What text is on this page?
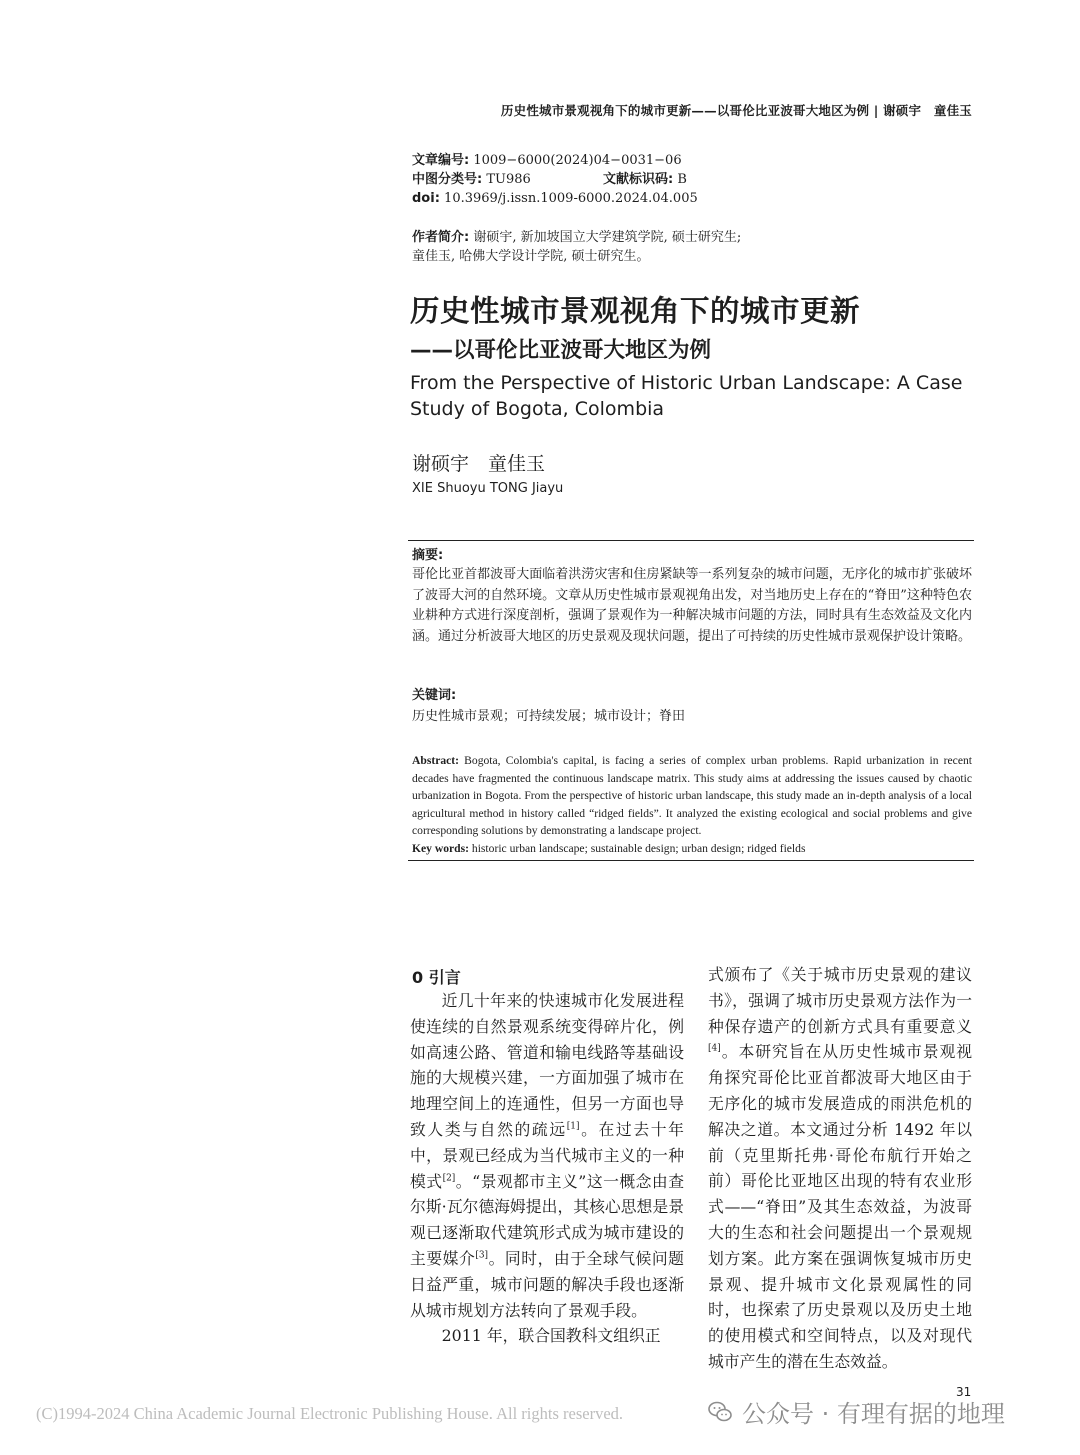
历史性城市景观视角下的城市更新——以哥伦比亚波哥大地区为例 | 谢硕宇　童佳玉
文章编号: 1009−6000(2024)04−0031−06
中图分类号: TU986	文献标识码: B
doi: 10.3969/j.issn.1009-6000.2024.04.005
作者简介: 谢硕宇, 新加坡国立大学建筑学院, 硕士研究生;
童佳玉, 哈佛大学设计学院, 硕士研究生。
历史性城市景观视角下的城市更新
——以哥伦比亚波哥大地区为例
From the Perspective of Historic Urban Landscape: A Case Study of Bogota, Colombia
谢硕宇　童佳玉
XIE Shuoyu TONG Jiayu
摘要:
哥伦比亚首都波哥大面临着洪涝灾害和住房紧缺等一系列复杂的城市问题，无序化的城市扩张破坏了波哥大河的自然环境。文章从历史性城市景观视角出发，对当地历史上存在的“脊田”这种特色农业耕种方式进行深度剖析，强调了景观作为一种解决城市问题的方法，同时具有生态效益及文化内涵。通过分析波哥大地区的历史景观及现状问题，提出了可持续的历史性城市景观保护设计策略。
关键词:
历史性城市景观；可持续发展；城市设计；脊田
Abstract: Bogota, Colombia's capital, is facing a series of complex urban problems. Rapid urbanization in recent decades have fragmented the continuous landscape matrix. This study aims at addressing the issues caused by chaotic urbanization in Bogota. From the perspective of historic urban landscape, this study made an in-depth analysis of a local agricultural method in history called “ridged fields”. It analyzed the existing ecological and social problems and give corresponding solutions by demonstrating a landscape project.
Key words: historic urban landscape; sustainable design; urban design; ridged fields
0 引言

近几十年来的快速城市化发展进程使连续的自然景观系统变得碎片化，例如高速公路、管道和输电线路等基础设施的大规模兴建，一方面加强了城市在地理空间上的连通性，但另一方面也导致人类与自然的疏远[1]。在过去十年中，景观已经成为当代城市主义的一种模式[2]。“景观都市主义”这一概念由查尔斯·瓦尔德海姆提出，其核心思想是景观已逐渐取代建筑形式成为城市建设的主要媒介[3]。同时，由于全球气候问题日益严重，城市问题的解决手段也逐渐从城市规划方法转向了景观手段。

2011 年，联合国教科文组织正

式颁布了《关于城市历史景观的建议书》，强调了城市历史景观方法作为一种保存遗产的创新方式具有重要意义[4]。本研究旨在从历史性城市景观视角探究哥伦比亚首都波哥大地区由于无序化的城市发展造成的雨洪危机的解决之道。本文通过分析 1492 年以前（克里斯托弗·哥伦布航行开始之前）哥伦比亚地区出现的特有农业形式——“脊田”及其生态效益，为波哥大的生态和社会问题提出一个景观规划方案。此方案在强调恢复城市历史景观、提升城市文化景观属性的同时，也探索了历史景观以及历史土地的使用模式和空间特点，以及对现代城市产生的潜在生态效益。

31
(C)1994-2024 China Academic Journal Electronic Publishing House. All rights reserved.	公众号 · 有理有据的地理
